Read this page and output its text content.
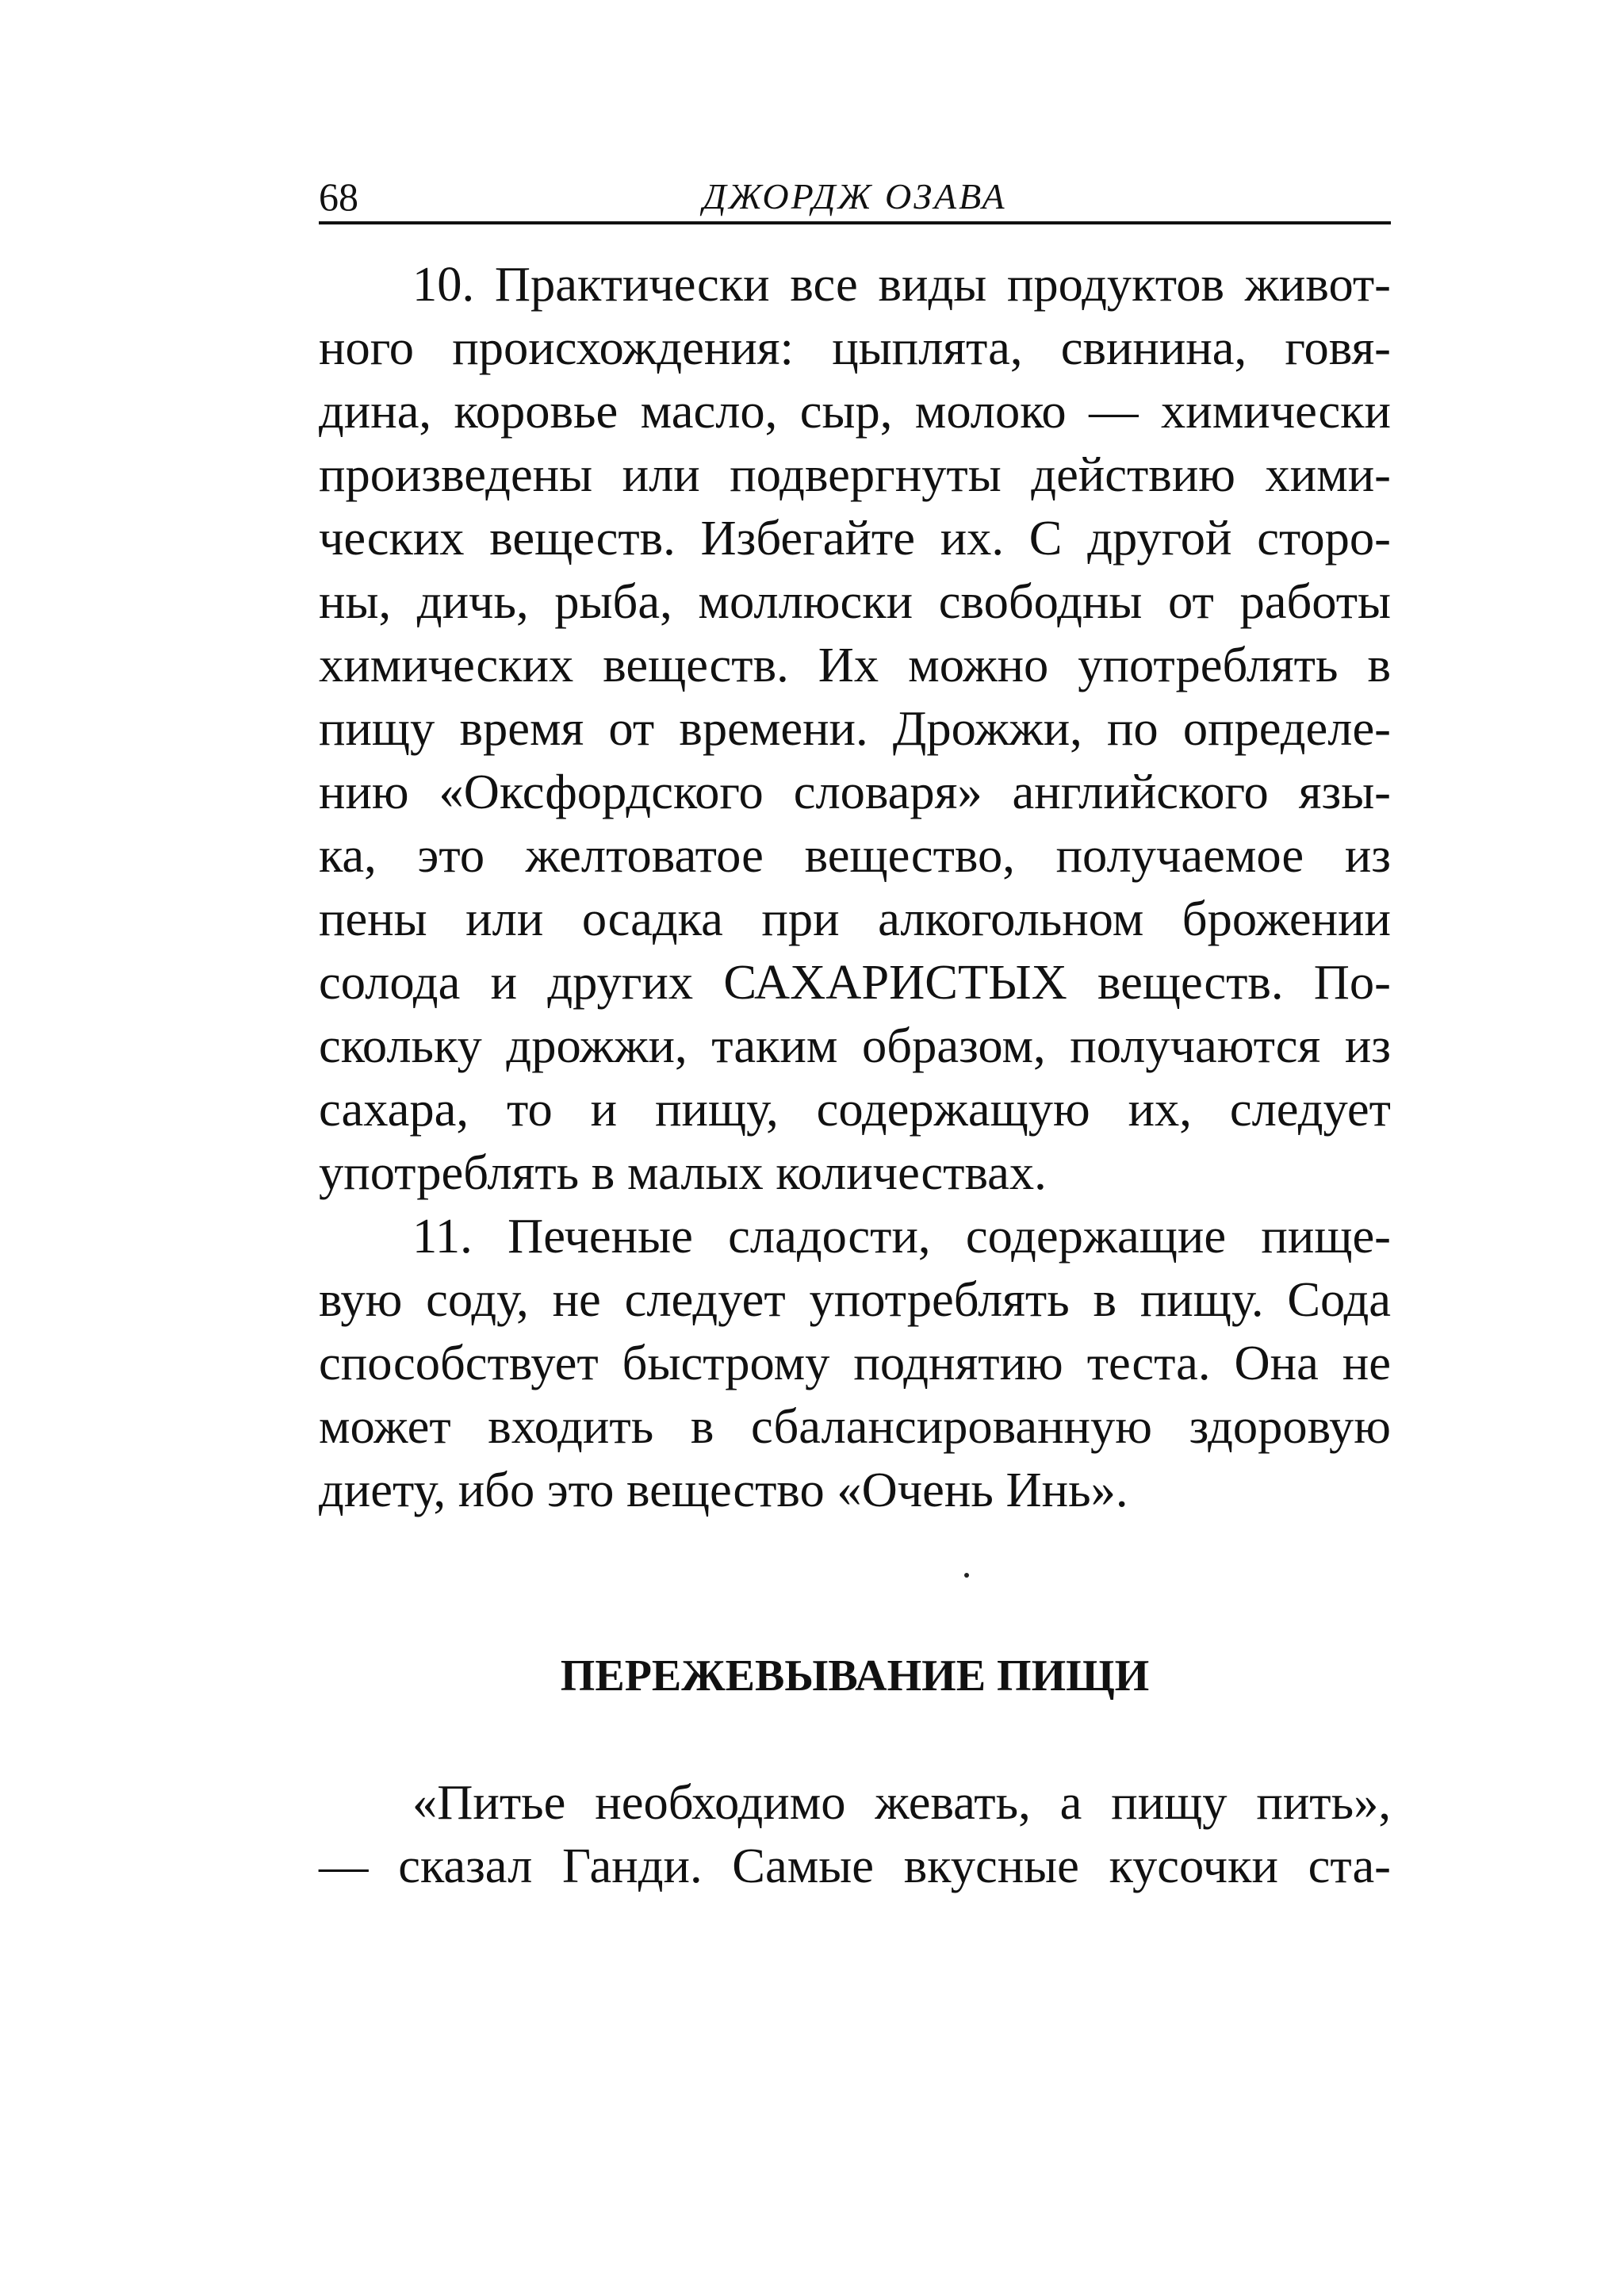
68	ДЖОРДЖ ОЗАВА
10. Практически все виды продуктов живот-
ного происхождения: цыплята, свинина, говя-
дина, коровье масло, сыр, молоко — химически
произведены или подвергнуты действию хими-
ческих веществ. Избегайте их. С другой сторо-
ны, дичь, рыба, моллюски свободны от работы
химических веществ. Их можно употреблять в
пищу время от времени. Дрожжи, по определе-
нию «Оксфордского словаря» английского язы-
ка, это желтоватое вещество, получаемое из
пены или осадка при алкогольном брожении
солода и других САХАРИСТЫХ веществ. По-
скольку дрожжи, таким образом, получаются из
сахара, то и пищу, содержащую их, следует
употреблять в малых количествах.
11. Печеные сладости, содержащие пище-
вую соду, не следует употреблять в пищу. Сода
способствует быстрому поднятию теста. Она не
может входить в сбалансированную здоровую
диету, ибо это вещество «Очень Инь».
ПЕРЕЖЕВЫВАНИЕ ПИЩИ
«Питье необходимо жевать, а пищу пить»,
— сказал Ганди. Самые вкусные кусочки ста-
